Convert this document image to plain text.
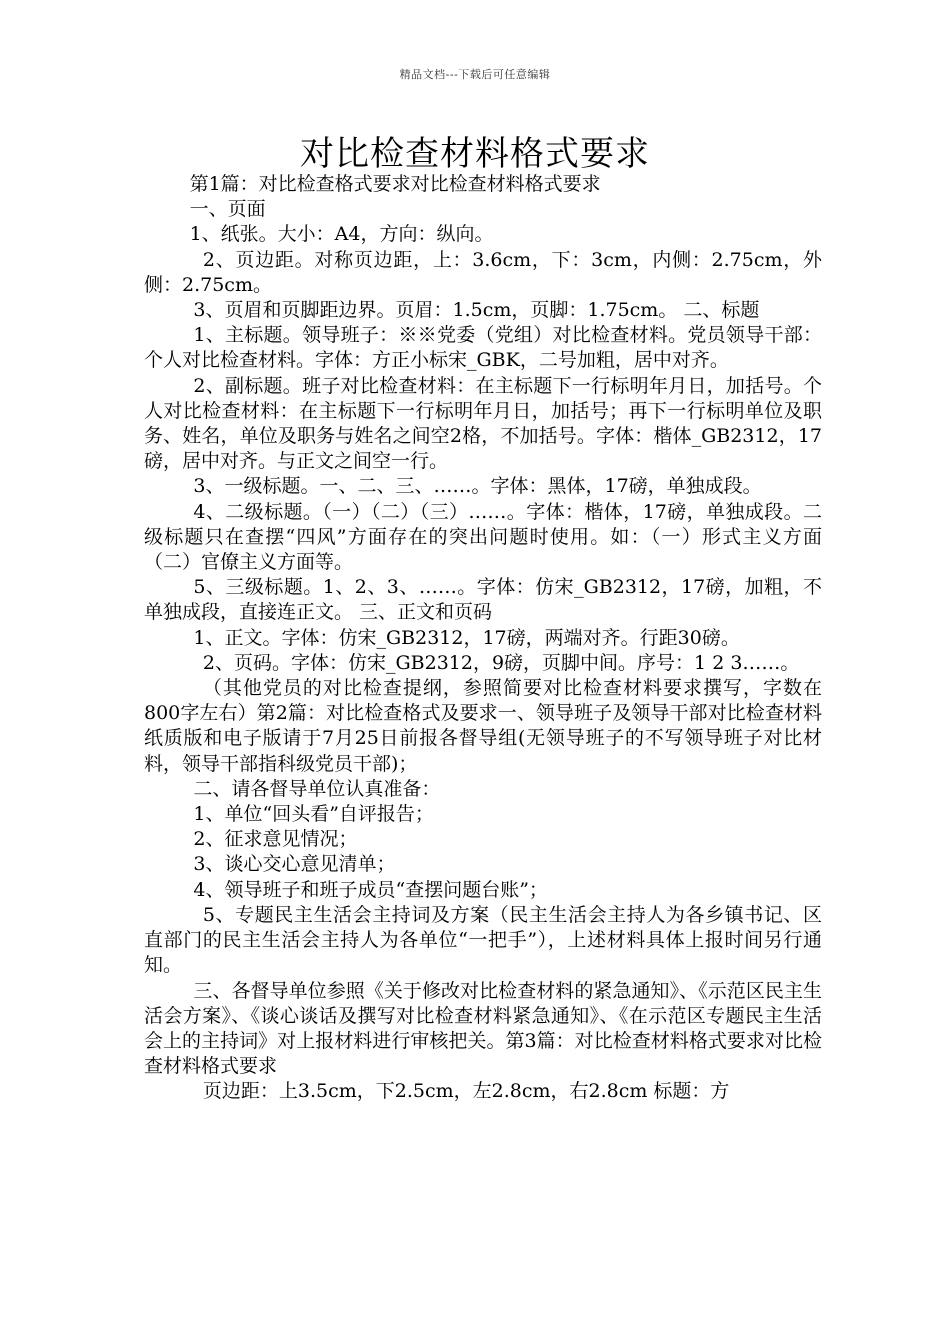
精品文档---下载后可任意编辑
对比检查材料格式要求

第1篇：对比检查格式要求对比检查材料格式要求

一、页面

1、纸张。大小：A4，方向：纵向。

2、页边距。对称页边距，上：3.6cm，下：3cm，内侧：2.75cm，外侧：2.75cm。

3、页眉和页脚距边界。页眉：1.5cm，页脚：1.75cm。 二、标题

1、主标题。领导班子：※※党委（党组）对比检查材料。党员领导干部：个人对比检查材料。字体：方正小标宋_GBK，二号加粗，居中对齐。

2、副标题。班子对比检查材料：在主标题下一行标明年月日，加括号。个人对比检查材料：在主标题下一行标明年月日，加括号；再下一行标明单位及职务、姓名，单位及职务与姓名之间空2格，不加括号。字体：楷体_GB2312，17磅，居中对齐。与正文之间空一行。

3、一级标题。一、二、三、……。字体：黑体，17磅，单独成段。

4、二级标题。（一）（二）（三）……。字体：楷体，17磅，单独成段。二级标题只在查摆“四风”方面存在的突出问题时使用。如：（一）形式主义方面（二）官僚主义方面等。

5、三级标题。1、2、3、……。字体：仿宋_GB2312，17磅，加粗，不单独成段，直接连正文。 三、正文和页码

1、正文。字体：仿宋_GB2312，17磅，两端对齐。行距30磅。

2、页码。字体：仿宋_GB2312，9磅，页脚中间。序号：1 2 3……。

（其他党员的对比检查提纲，参照简要对比检查材料要求撰写，字数在800字左右）第2篇：对比检查格式及要求一、领导班子及领导干部对比检查材料纸质版和电子版请于7月25日前报各督导组(无领导班子的不写领导班子对比材料，领导干部指科级党员干部)；

二、请各督导单位认真准备：

1、单位“回头看”自评报告；

2、征求意见情况；

3、谈心交心意见清单；

4、领导班子和班子成员“查摆问题台账”；

5、专题民主生活会主持词及方案（民主生活会主持人为各乡镇书记、区直部门的民主生活会主持人为各单位“一把手”），上述材料具体上报时间另行通知。

三、各督导单位参照《关于修改对比检查材料的紧急通知》、《示范区民主生活会方案》、《谈心谈话及撰写对比检查材料紧急通知》、《在示范区专题民主生活会上的主持词》对上报材料进行审核把关。第3篇：对比检查材料格式要求对比检查材料格式要求

页边距：上3.5cm，下2.5cm，左2.8cm，右2.8cm 标题：方
